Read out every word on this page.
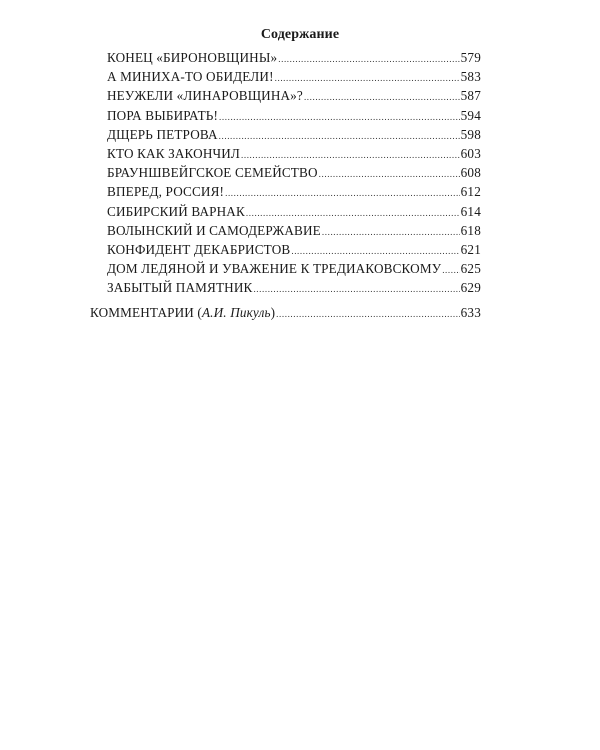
Содержание
КОНЕЦ «БИРОНОВЩИНЫ» .....	579
А МИНИХА-ТО ОБИДЕЛИ! .....	583
НЕУЖЕЛИ «ЛИНАРОВЩИНА»? .....	587
ПОРА ВЫБИРАТЬ! .....	594
ДЩЕРЬ ПЕТРОВА .....	598
КТО КАК ЗАКОНЧИЛ .....	603
БРАУНШВЕЙГСКОЕ СЕМЕЙСТВО .....	608
ВПЕРЕД, РОССИЯ! .....	612
СИБИРСКИЙ ВАРНАК .....	614
ВОЛЫНСКИЙ И САМОДЕРЖАВИЕ .....	618
КОНФИДЕНТ ДЕКАБРИСТОВ .....	621
ДОМ ЛЕДЯНОЙ И УВАЖЕНИЕ К ТРЕДИАКОВСКОМУ ..... 625
ЗАБЫТЫЙ ПАМЯТНИК .....	629
КОММЕНТАРИИ (А.И. Пикуль) .....	633
